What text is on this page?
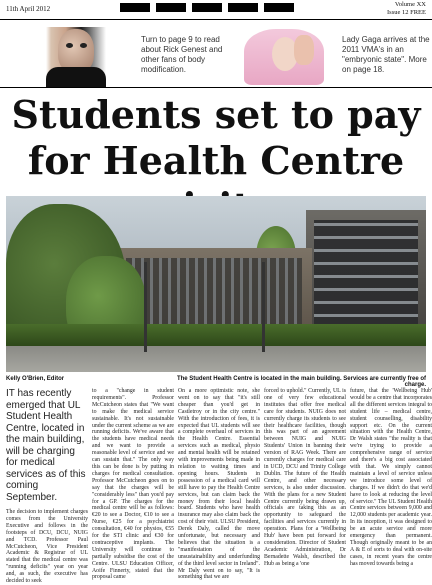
11th April 2012 ▬▬▬▬▬	Volume XX
Issue 12 FREE
Turn to page 9 to read about Rick Genest and other fans of body modification.
Lady Gaga arrives at the 2011 VMA's in an "embryonic state". More on page 18.
Students set to pay for Health Centre
Kelly O'Brien, Editor	The Student Health Centre is located in the main building. Services are currently free of charge.
IT has recently emerged that UL Student Health Centre, located in the main building, will be charging for medical services as of this coming September.
The decision to implement charges comes from the University Executive and follows in the footsteps of DCU, DCU, NUIG and TCD. Professor Paul McCutcheon, Vice President Academic & Registrar of UL stated that the medical centre was "running deficits" year on year and, as such, the executive has decided to seek
to a "change in student requirements". Professor McCutcheon states that "We want to make the medical service sustainable. It's not sustainable under the current scheme as we are running deficits. We've aware that the students have medical needs and we want to provide a reasonable level of service and we can sustain that." The only way this can be done is by putting in charges for medical consultation. Professor McCutcheon goes on to say that the charges will be "considerably less" than you'd pay for a GP. The charges for the medical centre will be as follows: €20 to see a Doctor, €10 to see a Nurse, €25 for a psychiatrist consultation, €40 for physios, €55 for the STI clinic and €30 for contraceptive implants. The University will continue to partially subsidise the cost of the Centre. ULSU Education Officer, Aoife Finnerty, stated that the proposal came
On a more optimistic note, she went on to say that "it's still cheaper than you'd get in Castletroy or in the city centre." With the introduction of fees, it is expected that UL students will see a complete overhaul of services in the Health Centre. Essential services such as medical, physio and mental health will be retained with improvements being made in relation to waiting times and opening hours. Students in possession of a medical card will still have to pay the Health Centre services, but can claim back the money from their local health board. Students who have health insurance may also claim back the cost of their visit. ULSU President, Derek Daly, called the move unfortunate, but necessary and believes that the situation is a "manifestation of the unsustainability and underfunding of the third level sector in Ireland". Mr Daly went on to say, "It is something that we are
forced to uphold." Currently, UL is one of very few educational institutes that offer free medical care for students. NUIG does not currently charge its students to see their healthcare facilities, though this was part of an agreement between NUIG and NUIG Students' Union in banning their version of RAG Week. There are currently charges for medical care in UCD, DCU and Trinity College Dublin. The future of the Health Centre, and other necessary services, is also under discussion. With the plans for a new Student Centre currently being drawn up, officials are taking this as an opportunity to safeguard the facilities and services currently in operation. Plans for a 'Wellbeing Hub' have been put forward for consideration. Director of Student Academic Administration, Dr Bernadette Walsh, described the Hub as being a 'one
future, that the 'Wellbeing Hub' would be a centre that incorporates all the different services integral to student life – medical centre, student counselling, disability support etc. On the current situation with the Health Centre, Dr Walsh states "the reality is that we're trying to provide a comprehensive range of service and there's a big cost associated with that. We simply cannot maintain a level of service unless we introduce some level of charges. If we didn't do that we'd have to look at reducing the level of service." The UL Student Health Centre services between 9,000 and 12,000 students per academic year. In its inception, it was designed to be an acute service and more emergency than permanent. Though originally meant to be an A & E of sorts to deal with on-site cases, in recent years the centre has moved towards being a
